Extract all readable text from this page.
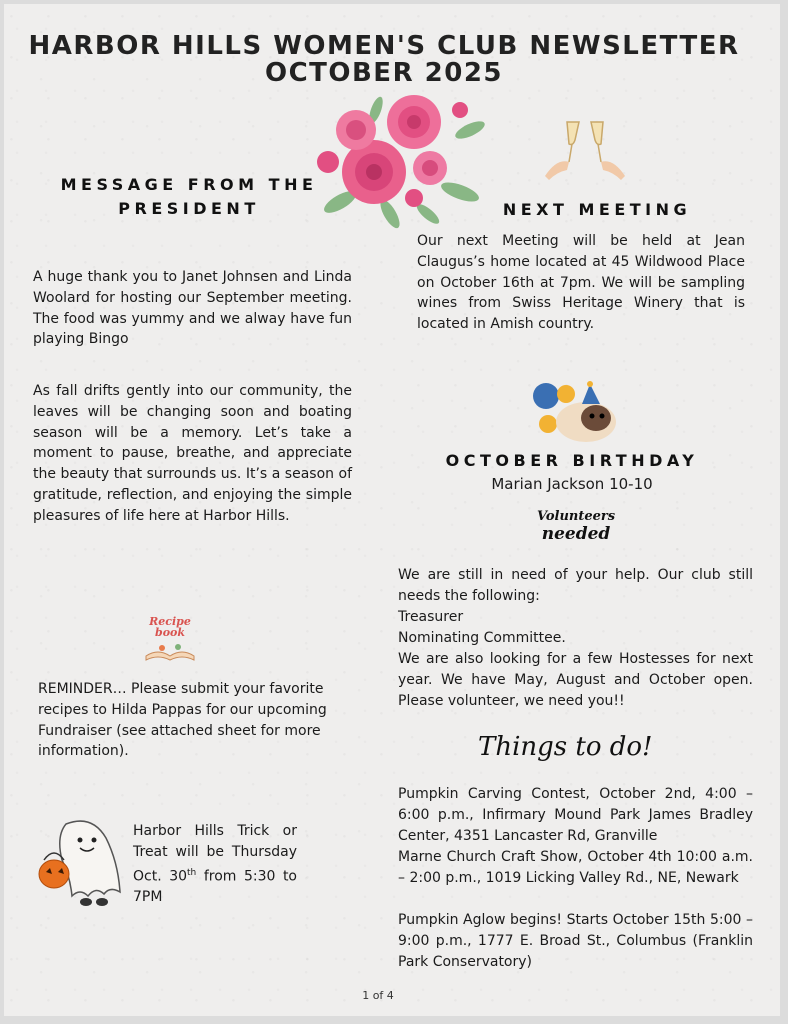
HARBOR HILLS WOMEN'S CLUB NEWSLETTER
OCTOBER 2025
MESSAGE FROM THE
PRESIDENT
A huge thank you to Janet Johnsen and Linda Woolard for hosting our September meeting. The food was yummy and we alway have fun playing Bingo
As fall drifts gently into our community, the leaves will be changing soon and boating season will be a memory. Let’s take a moment to pause, breathe, and appreciate the beauty that surrounds us. It’s a season of gratitude, reflection, and enjoying the simple pleasures of life here at Harbor Hills.
NEXT MEETING
Our next Meeting will be held at Jean Claugus’s home located at 45 Wildwood Place on October 16th at 7pm. We will be sampling wines from Swiss Heritage Winery that is located in Amish country.
OCTOBER BIRTHDAY
Marian Jackson 10-10
Volunteers
needed
We are still in need of your help. Our club still needs the following:
Treasurer
Nominating Committee.
We are also looking for a few Hostesses for next year. We have May, August and October open. Please volunteer, we need you!!
Recipe
book
REMINDER… Please submit your favorite recipes to Hilda Pappas for our upcoming Fundraiser (see attached sheet for more information).
Harbor Hills Trick or Treat will be Thursday Oct. 30th from 5:30 to 7PM
Things to do!
Pumpkin Carving Contest, October 2nd, 4:00 – 6:00 p.m., Infirmary Mound Park James Bradley Center, 4351 Lancaster Rd, Granville
Marne Church Craft Show, October 4th 10:00 a.m. – 2:00 p.m., 1019 Licking Valley Rd., NE, Newark
Pumpkin Aglow begins! Starts October 15th 5:00 – 9:00 p.m., 1777 E. Broad St., Columbus (Franklin Park Conservatory)
1 of 4
